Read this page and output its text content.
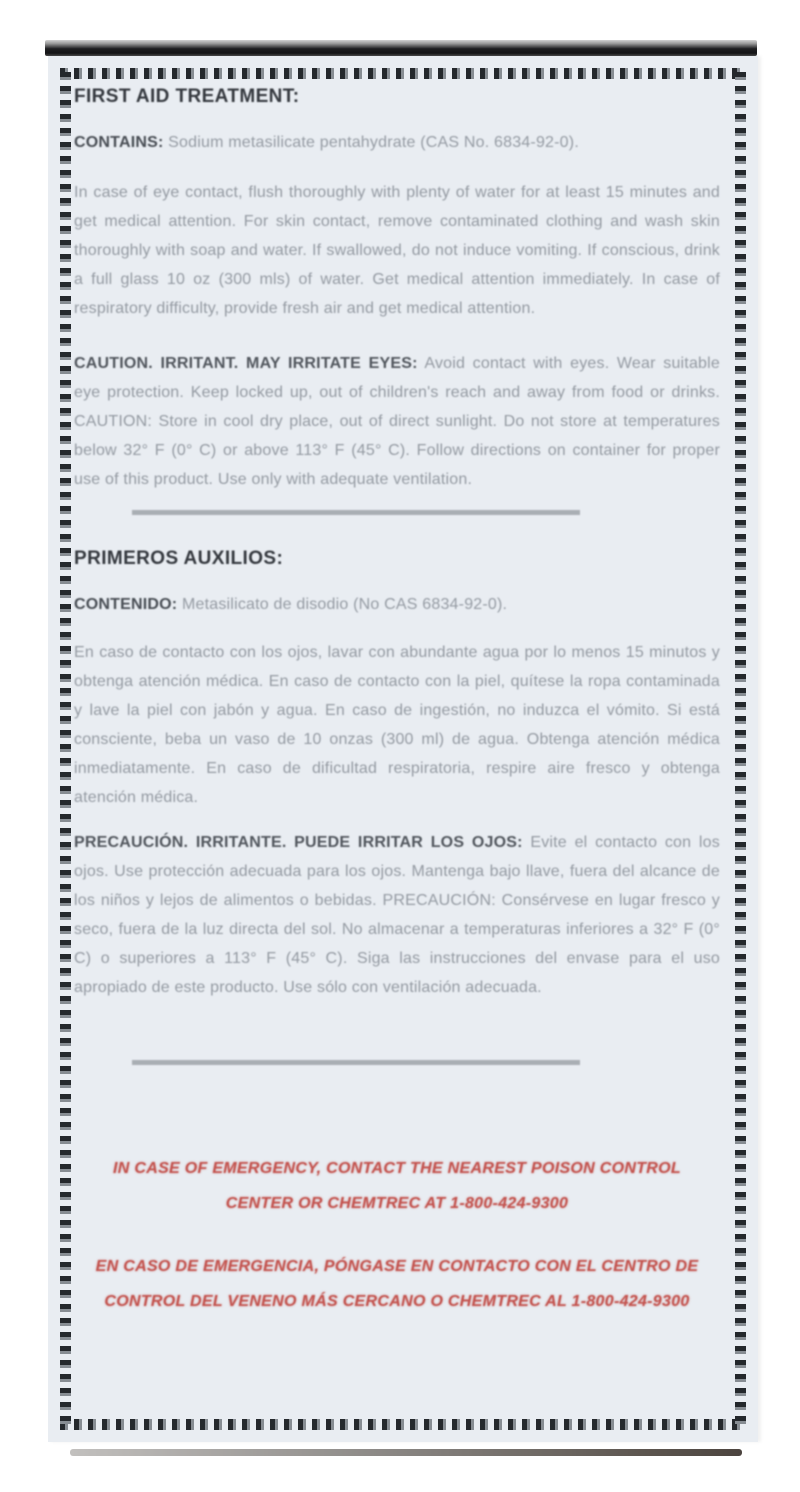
FIRST AID TREATMENT:
CONTAINS: Sodium metasilicate pentahydrate (CAS No. 6834-92-0).

In case of eye contact, flush thoroughly with plenty of water for at least 15 minutes and get medical attention. For skin contact, remove contaminated clothing and wash skin thoroughly with soap and water. If swallowed, do not induce vomiting. If conscious, drink a full glass 10 oz (300 mls) of water. Get medical attention immediately. In case of respiratory difficulty, provide fresh air and get medical attention.

CAUTION. IRRITANT. MAY IRRITATE EYES: Avoid contact with eyes. Wear suitable eye protection. Keep locked up, out of children's reach and away from food or drinks. CAUTION: Store in cool dry place, out of direct sunlight. Do not store at temperatures below 32° F (0° C) or above 113° F (45° C). Follow directions on container for proper use of this product. Use only with adequate ventilation.

PRIMEROS AUXILIOS:
CONTENIDO: Metasilicato de disodio (No CAS 6834-92-0).

En caso de contacto con los ojos, lavar con abundante agua por lo menos 15 minutos y obtenga atención médica. En caso de contacto con la piel, quítese la ropa contaminada y lave la piel con jabón y agua. En caso de ingestión, no induzca el vómito. Si está consciente, beba un vaso de 10 onzas (300 ml) de agua. Obtenga atención médica inmediatamente. En caso de dificultad respiratoria, respire aire fresco y obtenga atención médica.

PRECAUCIÓN. IRRITANTE. PUEDE IRRITAR LOS OJOS: Evite el contacto con los ojos. Use protección adecuada para los ojos. Mantenga bajo llave, fuera del alcance de los niños y lejos de alimentos o bebidas. PRECAUCIÓN: Consérvese en lugar fresco y seco, fuera de la luz directa del sol. No almacenar a temperaturas inferiores a 32° F (0° C) o superiores a 113° F (45° C). Siga las instrucciones del envase para el uso apropiado de este producto. Use sólo con ventilación adecuada.

IN CASE OF EMERGENCY, CONTACT THE NEAREST POISON CONTROL
CENTER OR CHEMTREC AT 1-800-424-9300
EN CASO DE EMERGENCIA, PÓNGASE EN CONTACTO CON EL CENTRO DE
CONTROL DEL VENENO MÁS CERCANO O CHEMTREC AL 1-800-424-9300
